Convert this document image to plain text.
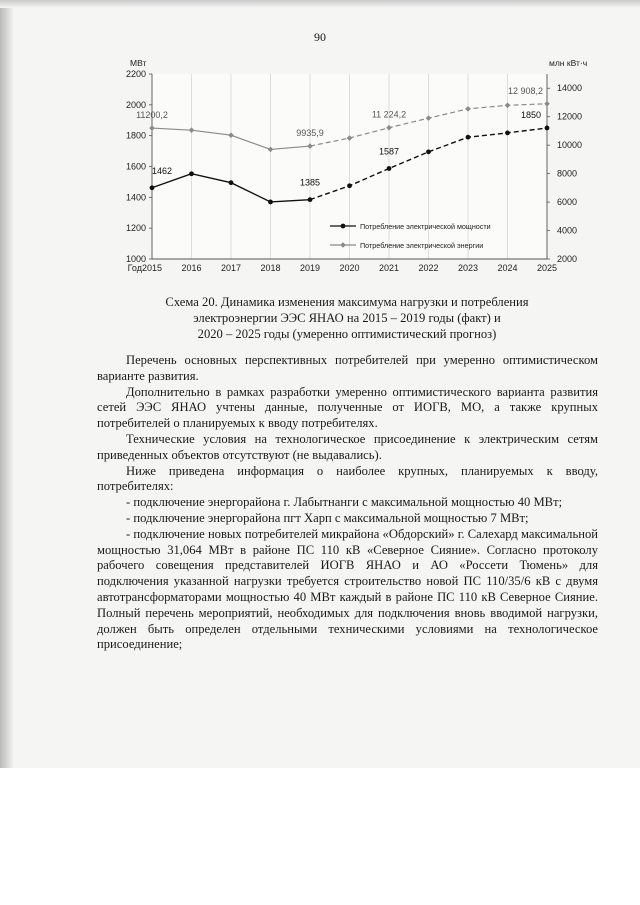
90
1000
1200
1400
1600
1800
2000
2200
2000
4000
6000
8000
10000
12000
14000
2015 2016 2017 2018 2019 2020 2021 2022 2023 2024 2025
Год
МВт	млн кВт·ч
11200,2
9935,9
11 224,2
12 908,2
1462
1385
1587
1850
Потребление электрической мощности
Потребление электрической энергии
Схема 20. Динамика изменения максимума нагрузки и потребления
электроэнергии ЭЭС ЯНАО на 2015 – 2019 годы (факт) и
2020 – 2025 годы (умеренно оптимистический прогноз)

Перечень основных перспективных потребителей при умеренно оптимистическом варианте развития.

Дополнительно в рамках разработки умеренно оптимистического варианта развития сетей ЭЭС ЯНАО учтены данные, полученные от ИОГВ, МО, а также крупных потребителей о планируемых к вводу потребителях.

Технические условия на технологическое присоединение к электрическим сетям приведенных объектов отсутствуют (не выдавались).

Ниже приведена информация о наиболее крупных, планируемых к вводу, потребителях:

- подключение энергорайона г. Лабытнанги с максимальной мощностью 40 МВт;

- подключение энергорайона пгт Харп с максимальной мощностью 7 МВт;

- подключение новых потребителей микрайона «Обдорский» г. Салехард максимальной мощностью 31,064 МВт в районе ПС 110 кВ «Северное Сияние». Согласно протоколу рабочего совещения представителей ИОГВ ЯНАО и АО «Россети Тюмень» для подключения указанной нагрузки требуется строительство новой ПС 110/35/6 кВ с двумя автотрансформаторами мощностью 40 МВт каждый в районе ПС 110 кВ Северное Сияние. Полный перечень мероприятий, необходимых для подключения вновь вводимой нагрузки, должен быть определен отдельными техническими условиями на технологическое присоединение;
